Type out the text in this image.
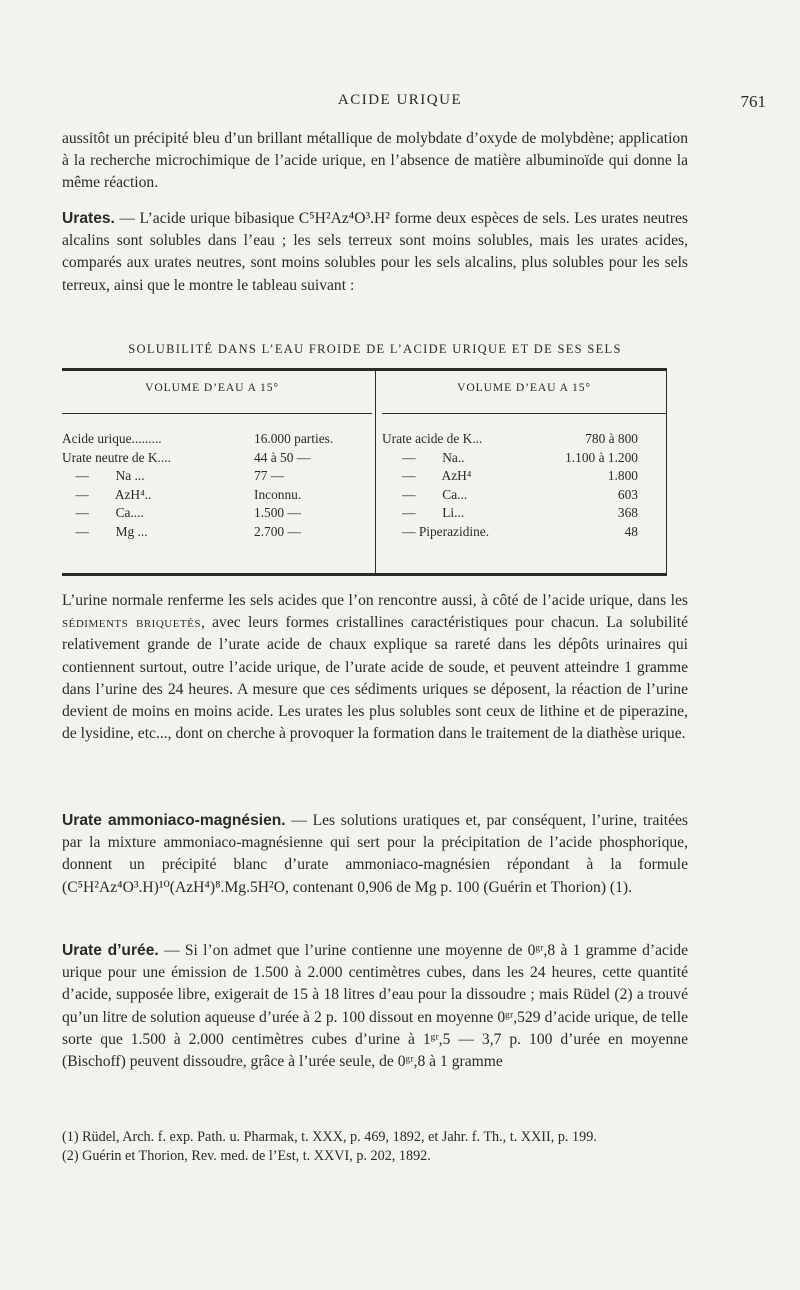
ACIDE URIQUE	761
aussitôt un précipité bleu d’un brillant métallique de molybdate d’oxyde de molybdène; application à la recherche microchimique de l’acide urique, en l’absence de matière albuminoïde qui donne la même réaction.
Urates. — L’acide urique bibasique C⁵H²Az⁴O³.H² forme deux espèces de sels. Les urates neutres alcalins sont solubles dans l’eau ; les sels terreux sont moins solubles, mais les urates acides, comparés aux urates neutres, sont moins solubles pour les sels alcalins, plus solubles pour les sels terreux, ainsi que le montre le tableau suivant :
SOLUBILITÉ DANS L’EAU FROIDE DE L’ACIDE URIQUE ET DE SES SELS
VOLUME D’EAU A 15°	VOLUME D’EAU A 15°
Acide urique.........	16.000 parties.
Urate neutre de K....	44 à 50 —
—        Na ...	77 —
—        AzH⁴..	Inconnu.
—        Ca....	1.500 —
—        Mg ...	2.700 —
Urate acide de K...	780 à 800
—        Na..	1.100 à 1.200
—        AzH⁴	1.800
—        Ca...	603
—        Li...	368
— Piperazidine.	48
L’urine normale renferme les sels acides que l’on rencontre aussi, à côté de l’acide urique, dans les sédiments briquetés, avec leurs formes cristallines caractéristiques pour chacun. La solubilité relativement grande de l’urate acide de chaux explique sa rareté dans les dépôts urinaires qui contiennent surtout, outre l’acide urique, de l’urate acide de soude, et peuvent atteindre 1 gramme dans l’urine des 24 heures. A mesure que ces sédiments uriques se déposent, la réaction de l’urine devient de moins en moins acide. Les urates les plus solubles sont ceux de lithine et de piperazine, de lysidine, etc..., dont on cherche à provoquer la formation dans le traitement de la diathèse urique.
Urate ammoniaco-magnésien. — Les solutions uratiques et, par conséquent, l’urine, traitées par la mixture ammoniaco-magnésienne qui sert pour la précipitation de l’acide phosphorique, donnent un précipité blanc d’urate ammoniaco-magnésien répondant à la formule (C⁵H²Az⁴O³.H)¹⁰(AzH⁴)⁸.Mg.5H²O, contenant 0,906 de Mg p. 100 (Guérin et Thorion) (1).
Urate d’urée. — Si l’on admet que l’urine contienne une moyenne de 0ᵍʳ,8 à 1 gramme d’acide urique pour une émission de 1.500 à 2.000 centimètres cubes, dans les 24 heures, cette quantité d’acide, supposée libre, exigerait de 15 à 18 litres d’eau pour la dissoudre ; mais Rüdel (2) a trouvé qu’un litre de solution aqueuse d’urée à 2 p. 100 dissout en moyenne 0ᵍʳ,529 d’acide urique, de telle sorte que 1.500 à 2.000 centimètres cubes d’urine à 1ᵍʳ,5 — 3,7 p. 100 d’urée en moyenne (Bischoff) peuvent dissoudre, grâce à l’urée seule, de 0ᵍʳ,8 à 1 gramme
(1) Rüdel, Arch. f. exp. Path. u. Pharmak, t. XXX, p. 469, 1892, et Jahr. f. Th., t. XXII, p. 199.
(2) Guérin et Thorion, Rev. med. de l’Est, t. XXVI, p. 202, 1892.
